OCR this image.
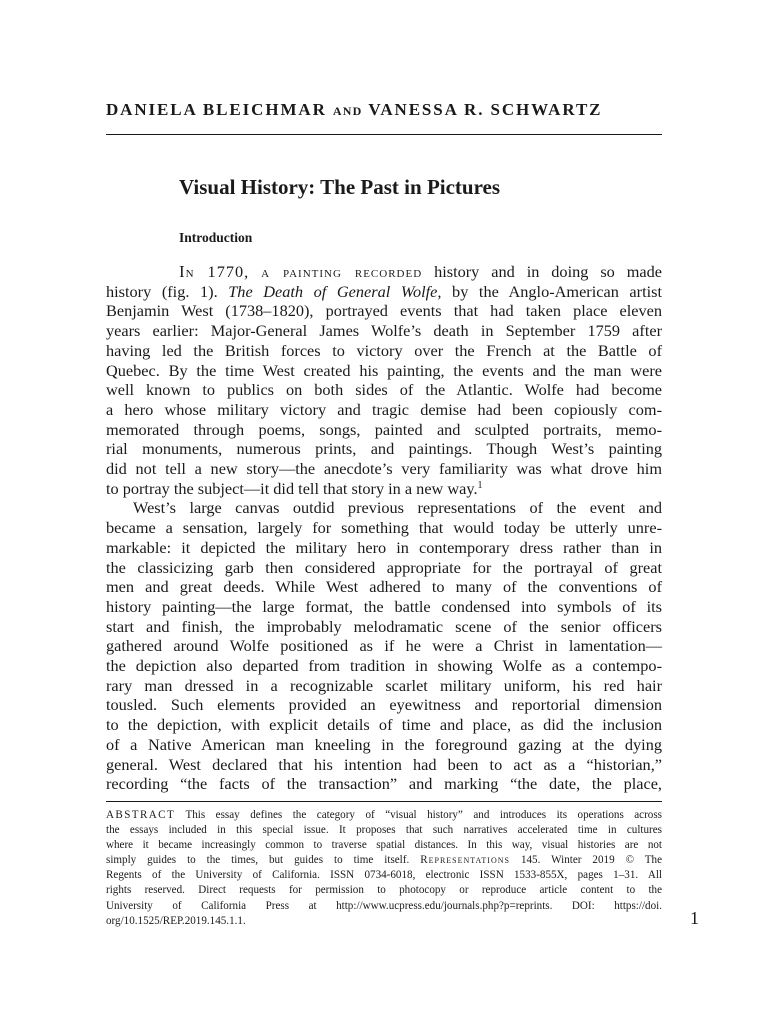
DANIELA BLEICHMAR AND VANESSA R. SCHWARTZ
Visual History: The Past in Pictures
Introduction

In 1770, a painting recorded history and in doing so made
history (fig. 1). The Death of General Wolfe, by the Anglo-American artist
Benjamin West (1738–1820), portrayed events that had taken place eleven
years earlier: Major-General James Wolfe’s death in September 1759 after
having led the British forces to victory over the French at the Battle of
Quebec. By the time West created his painting, the events and the man were
well known to publics on both sides of the Atlantic. Wolfe had become
a hero whose military victory and tragic demise had been copiously com-
memorated through poems, songs, painted and sculpted portraits, memo-
rial monuments, numerous prints, and paintings. Though West’s painting
did not tell a new story—the anecdote’s very familiarity was what drove him
to portray the subject—it did tell that story in a new way.$^1$

West’s large canvas outdid previous representations of the event and
became a sensation, largely for something that would today be utterly unre-
markable: it depicted the military hero in contemporary dress rather than in
the classicizing garb then considered appropriate for the portrayal of great
men and great deeds. While West adhered to many of the conventions of
history painting—the large format, the battle condensed into symbols of its
start and finish, the improbably melodramatic scene of the senior officers
gathered around Wolfe positioned as if he were a Christ in lamentation—
the depiction also departed from tradition in showing Wolfe as a contempo-
rary man dressed in a recognizable scarlet military uniform, his red hair
tousled. Such elements provided an eyewitness and reportorial dimension
to the depiction, with explicit details of time and place, as did the inclusion
of a Native American man kneeling in the foreground gazing at the dying
general. West declared that his intention had been to act as a “historian,”
recording “the facts of the transaction” and marking “the date, the place,

ABSTRACT This essay defines the category of “visual history” and introduces its operations across
the essays included in this special issue. It proposes that such narratives accelerated time in cultures
where it became increasingly common to traverse spatial distances. In this way, visual histories are not
simply guides to the times, but guides to time itself. Representations 145. Winter 2019 © The
Regents of the University of California. ISSN 0734-6018, electronic ISSN 1533-855X, pages 1–31. All
rights reserved. Direct requests for permission to photocopy or reproduce article content to the
University of California Press at http://www.ucpress.edu/journals.php?p=reprints. DOI: https://doi.
org/10.1525/REP.2019.145.1.1.	1
